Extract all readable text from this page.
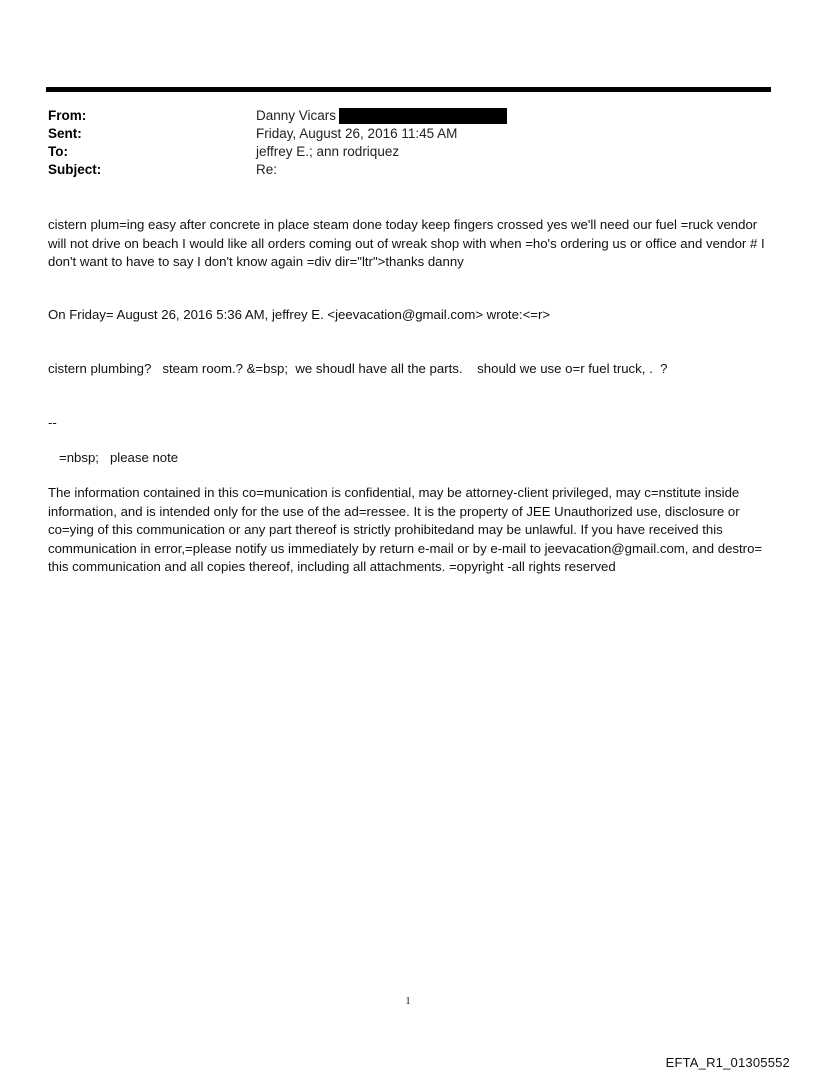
From:	Danny Vicars
Sent:	Friday, August 26, 2016 11:45 AM
To:	jeffrey E.; ann rodriquez
Subject:	Re:

cistern plum=ing easy after concrete in place steam done today keep fingers crossed yes we'll need our fuel =ruck vendor will not drive on beach I would like all orders coming out of wreak shop with when =ho's ordering us or office and vendor # I don't want to have to say I don't know again =div dir="ltr">thanks danny

On Friday= August 26, 2016 5:36 AM, jeffrey E. <jeevacation@gmail.com> wrote:<=r>

cistern plumbing?   steam room.? &=bsp;  we shoudl have all the parts.    should we use o=r fuel truck, .  ?

--

=nbsp;   please note

The information contained in this co=munication is confidential, may be attorney-client privileged, may c=nstitute inside information, and is intended only for the use of the ad=ressee. It is the property of JEE Unauthorized use, disclosure or co=ying of this communication or any part thereof is strictly prohibitedand may be unlawful. If you have received this communication in error,=please notify us immediately by return e-mail or by e-mail to jeevacation@gmail.com, and destro= this communication and all copies thereof, including all attachments. =opyright -all rights reserved

1
EFTA_R1_01305552
